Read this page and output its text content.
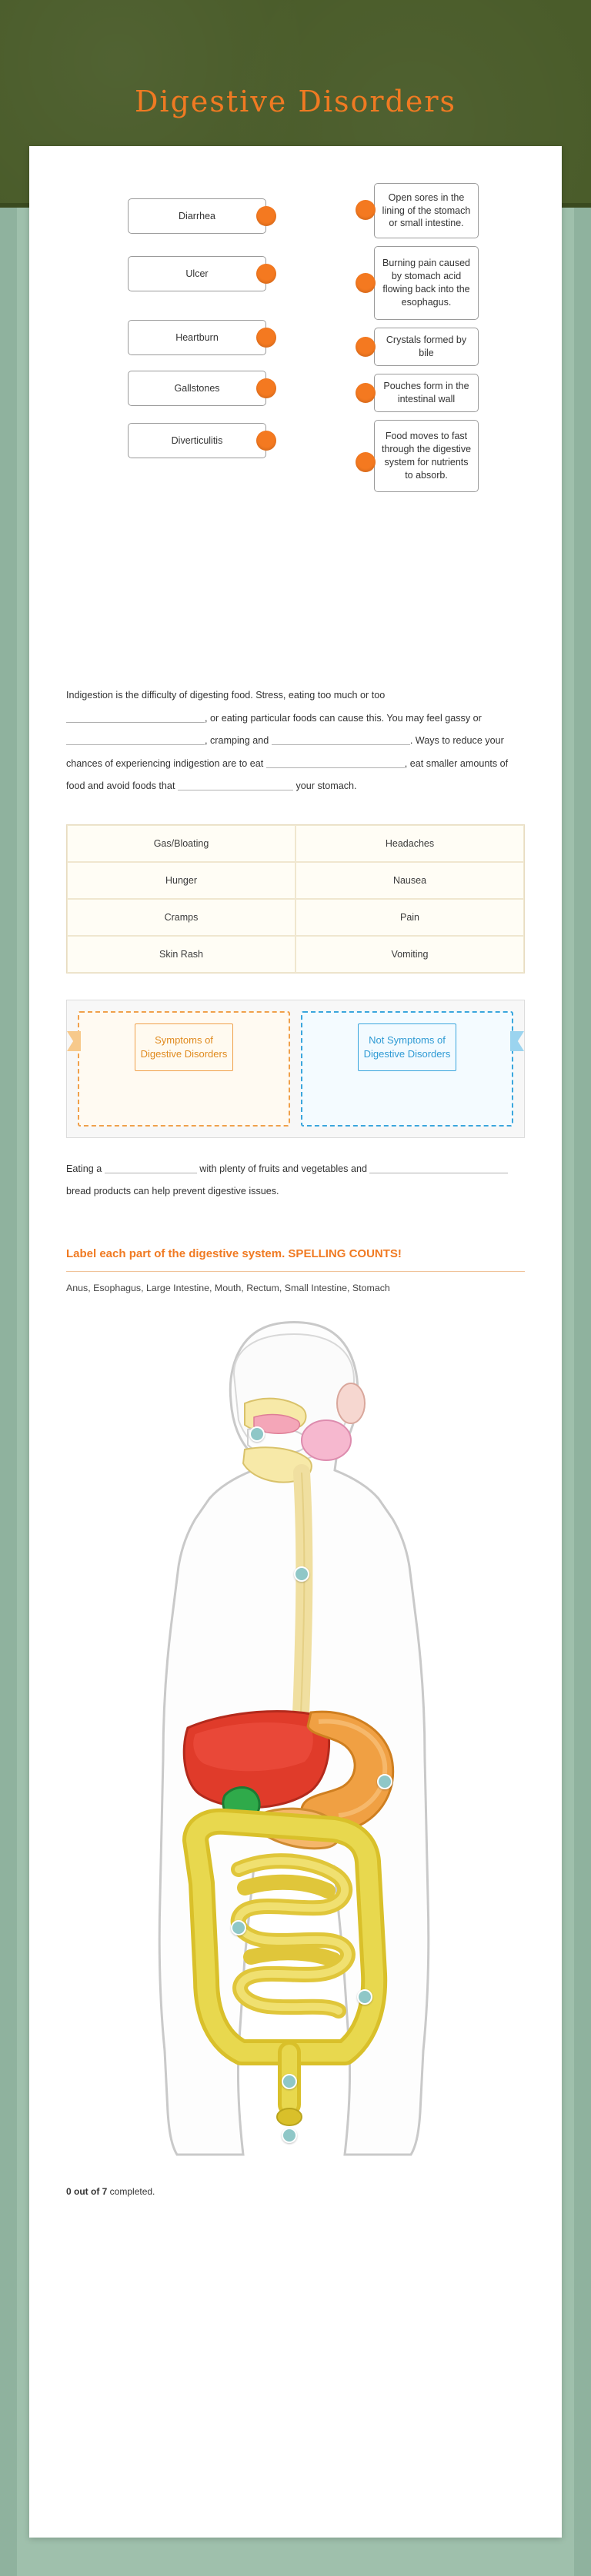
Digestive Disorders
Diarrhea
Ulcer
Heartburn
Gallstones
Diverticulitis
Open sores in the lining of the stomach or small intestine.
Burning pain caused by stomach acid flowing back into the esophagus.
Crystals formed by bile
Pouches form in the intestinal wall
Food moves to fast through the digestive system for nutrients to absorb.
Indigestion is the difficulty of digesting food. Stress, eating too much or too , or eating particular foods can cause this. You may feel gassy or , cramping and	. Ways to reduce your chances of experiencing indigestion are to eat	, eat smaller amounts of food and avoid foods that	your stomach.
Gas/Bloating	Headaches
Hunger	Nausea
Cramps	Pain
Skin Rash	Vomiting
Symptoms of Digestive Disorders
Not Symptoms of Digestive Disorders
Eating a	with plenty of fruits and vegetables and  bread products can help prevent digestive issues.
Label each part of the digestive system. SPELLING COUNTS!
Anus, Esophagus, Large Intestine, Mouth, Rectum, Small Intestine, Stomach
0 out of 7 completed.
